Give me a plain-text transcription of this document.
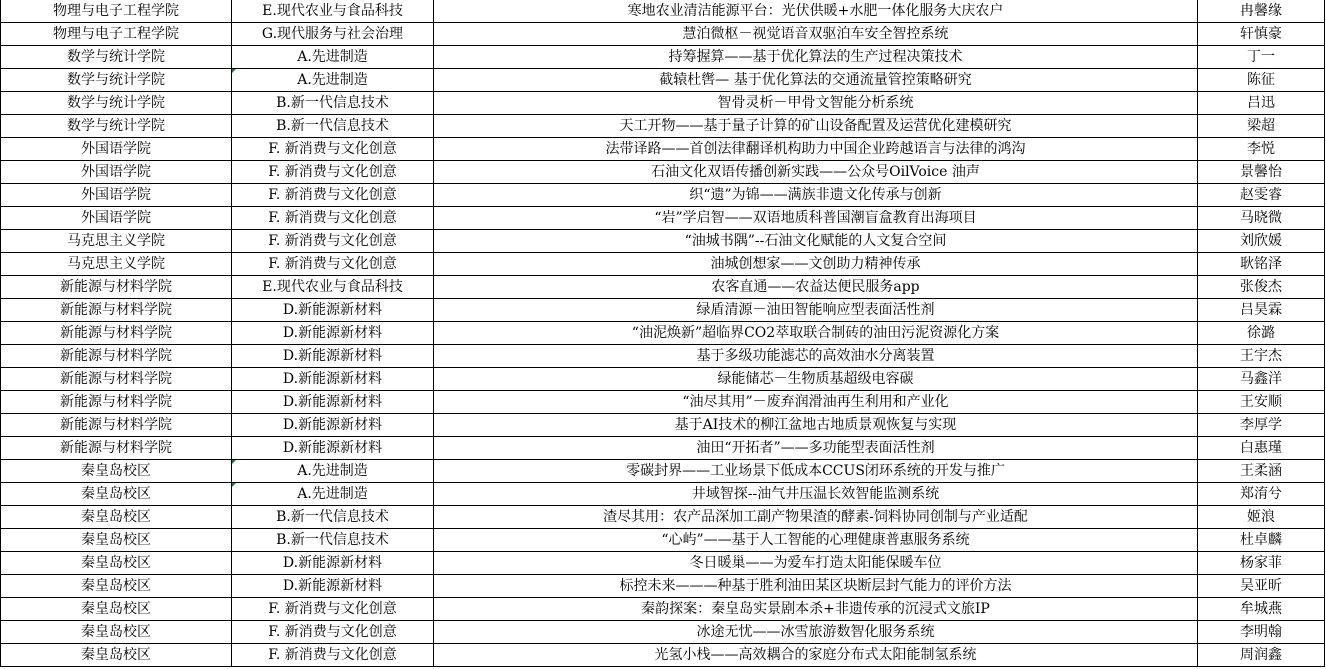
物理与电子工程学院	E.现代农业与食品科技	寒地农业清洁能源平台：光伏供暖+水肥一体化服务大庆农户	冉馨缘
物理与电子工程学院	G.现代服务与社会治理	慧泊微枢－视觉语音双驱泊车安全智控系统	轩慎豪
数学与统计学院	A.先进制造	持筹握算——基于优化算法的生产过程决策技术	丁一
数学与统计学院	A.先进制造	截辕杜辔— 基于优化算法的交通流量管控策略研究	陈征
数学与统计学院	B.新一代信息技术	智骨灵析－甲骨文智能分析系统	吕迅
数学与统计学院	B.新一代信息技术	天工开物——基于量子计算的矿山设备配置及运营优化建模研究	梁超
外国语学院	F. 新消费与文化创意	法带译路——首创法律翻译机构助力中国企业跨越语言与法律的鸿沟	李悦
外国语学院	F. 新消费与文化创意	石油文化双语传播创新实践——公众号OilVoice 油声	景馨怡
外国语学院	F. 新消费与文化创意	织“遗”为锦——满族非遗文化传承与创新	赵雯睿
外国语学院	F. 新消费与文化创意	“岩”学启智——双语地质科普国潮盲盒教育出海项目	马晓微
马克思主义学院	F. 新消费与文化创意	“油城书隅”--石油文化赋能的人文复合空间	刘欣媛
马克思主义学院	F. 新消费与文化创意	油城创想家——文创助力精神传承	耿铭泽
新能源与材料学院	E.现代农业与食品科技	农客直通——农益达便民服务app	张俊杰
新能源与材料学院	D.新能源新材料	绿盾清源－油田智能响应型表面活性剂	吕昊霖
新能源与材料学院	D.新能源新材料	“油泥焕新”超临界CO2萃取联合制砖的油田污泥资源化方案	徐潞
新能源与材料学院	D.新能源新材料	基于多级功能滤芯的高效油水分离装置	王宇杰
新能源与材料学院	D.新能源新材料	绿能储芯－生物质基超级电容碳	马鑫洋
新能源与材料学院	D.新能源新材料	“油尽其用”－废弃润滑油再生利用和产业化	王安顺
新能源与材料学院	D.新能源新材料	基于AI技术的柳江盆地古地质景观恢复与实现	李厚学
新能源与材料学院	D.新能源新材料	油田“开拓者”——多功能型表面活性剂	白惠瑾
秦皇岛校区	A.先进制造	零碳封界——工业场景下低成本CCUS闭环系统的开发与推广	王柔涵
秦皇岛校区	A.先进制造	井域智探--油气井压温长效智能监测系统	郑淯兮
秦皇岛校区	B.新一代信息技术	渣尽其用：农产品深加工副产物果渣的酵素-饲料协同创制与产业适配	姬浪
秦皇岛校区	B.新一代信息技术	“心屿”——基于人工智能的心理健康普惠服务系统	杜卓麟
秦皇岛校区	D.新能源新材料	冬日暖巢——为爱车打造太阳能保暖车位	杨家菲
秦皇岛校区	D.新能源新材料	标控未来———种基于胜利油田某区块断层封气能力的评价方法	吴亚昕
秦皇岛校区	F. 新消费与文化创意	秦韵探案：秦皇岛实景剧本杀+非遗传承的沉浸式文旅IP	牟城燕
秦皇岛校区	F. 新消费与文化创意	冰途无忧——冰雪旅游数智化服务系统	李明翰
秦皇岛校区	F. 新消费与文化创意	光氢小栈——高效耦合的家庭分布式太阳能制氢系统	周润鑫
